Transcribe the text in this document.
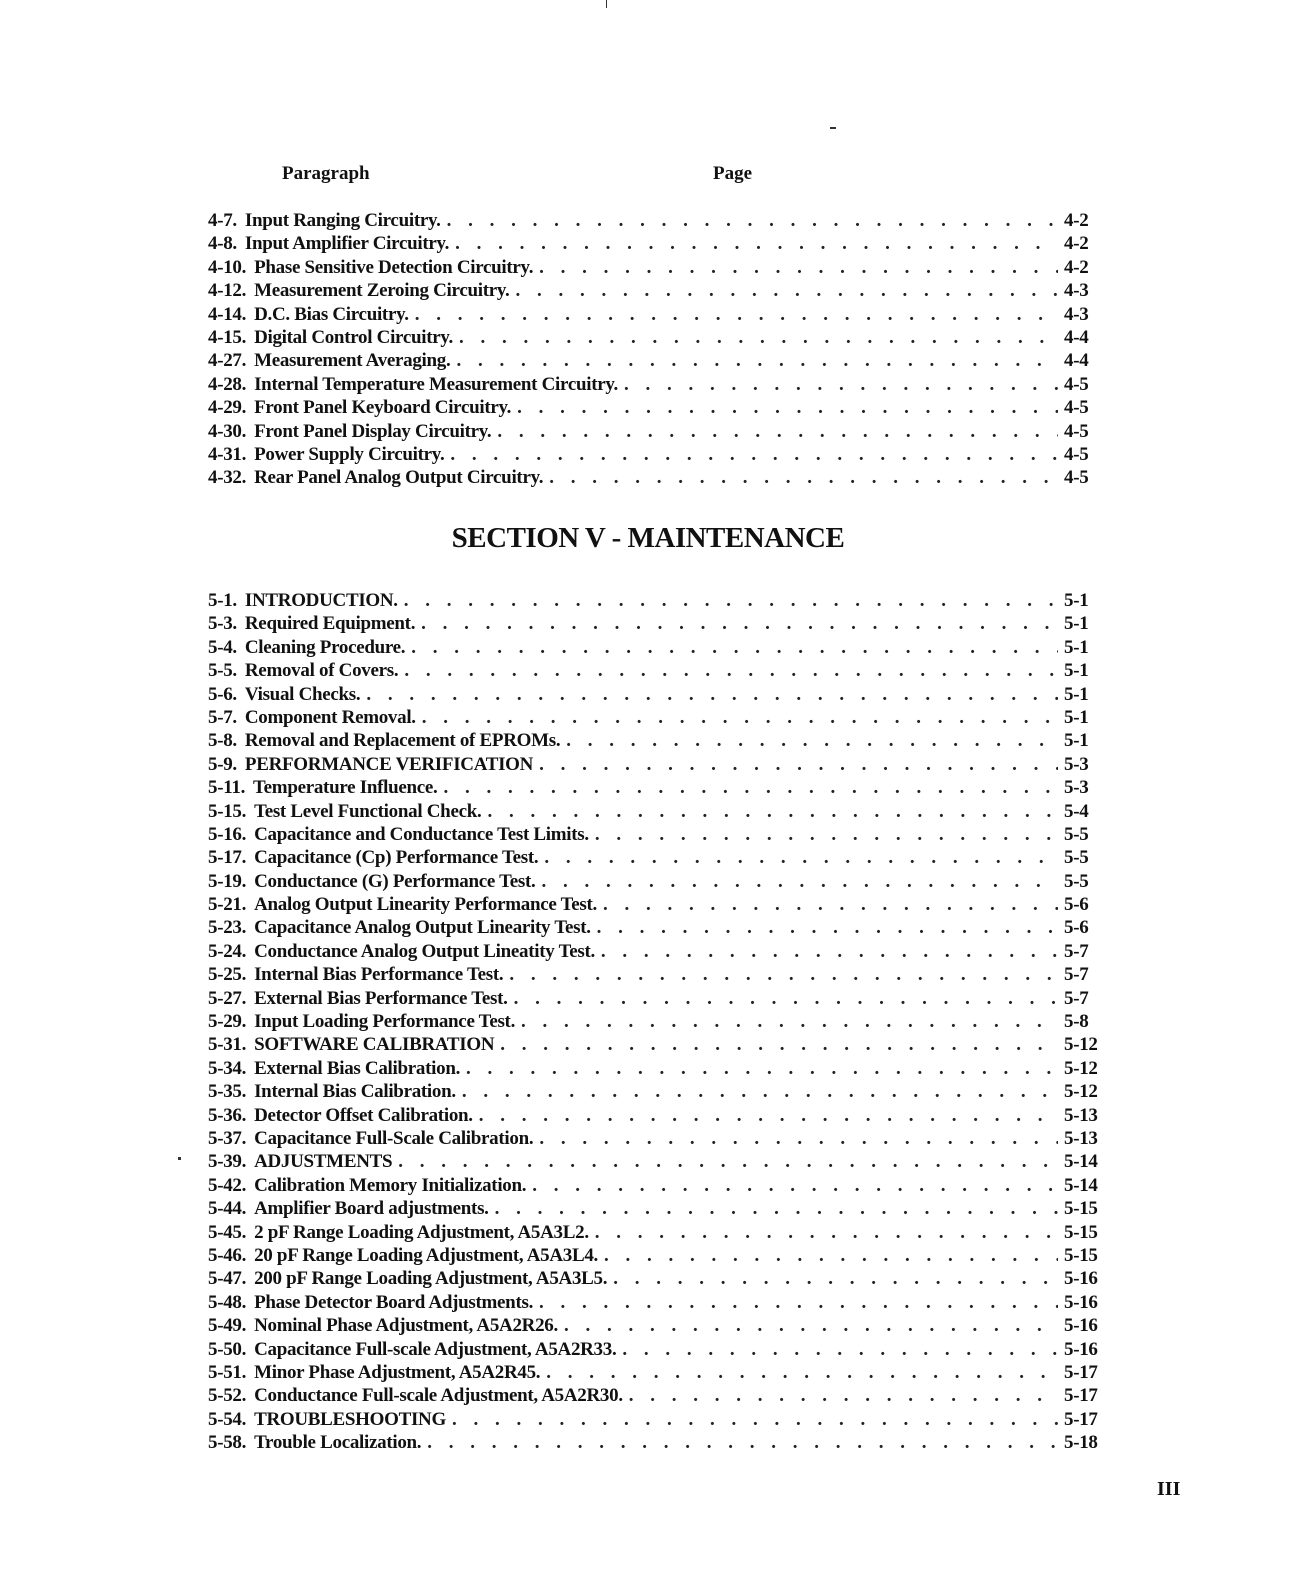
Paragraph	Page
4-7. Input Ranging Circuitry. . . .	4-2
4-8. Input Amplifier Circuitry. . . .	4-2
4-10. Phase Sensitive Detection Circuitry. . . .	4-2
4-12. Measurement Zeroing Circuitry. . . .	4-3
4-14. D.C. Bias Circuitry. . . .	4-3
4-15. Digital Control Circuitry. . . .	4-4
4-27. Measurement Averaging. . . .	4-4
4-28. Internal Temperature Measurement Circuitry. . . .	4-5
4-29. Front Panel Keyboard Circuitry. . . .	4-5
4-30. Front Panel Display Circuitry. . . .	4-5
4-31. Power Supply Circuitry. . . .	4-5
4-32. Rear Panel Analog Output Circuitry. . . .	4-5
SECTION V - MAINTENANCE
5-1. INTRODUCTION. . . .	5-1
5-3. Required Equipment. . . .	5-1
5-4. Cleaning Procedure. . . .	5-1
5-5. Removal of Covers. . . .	5-1
5-6. Visual Checks. . . .	5-1
5-7. Component Removal. . . .	5-1
5-8. Removal and Replacement of EPROMs. . . .	5-1
5-9. PERFORMANCE VERIFICATION . . .	5-3
5-11. Temperature Influence. . . .	5-3
5-15. Test Level Functional Check. . . .	5-4
5-16. Capacitance and Conductance Test Limits. . . .	5-5
5-17. Capacitance (Cp) Performance Test. . . .	5-5
5-19. Conductance (G) Performance Test. . . .	5-5
5-21. Analog Output Linearity Performance Test. . . .	5-6
5-23. Capacitance Analog Output Linearity Test. . . .	5-6
5-24. Conductance Analog Output Lineatity Test. . . .	5-7
5-25. Internal Bias Performance Test. . . .	5-7
5-27. External Bias Performance Test. . . .	5-7
5-29. Input Loading Performance Test. . . .	5-8
5-31. SOFTWARE CALIBRATION . . .	5-12
5-34. External Bias Calibration. . . .	5-12
5-35. Internal Bias Calibration. . . .	5-12
5-36. Detector Offset Calibration. . . .	5-13
5-37. Capacitance Full-Scale Calibration. . . .	5-13
5-39. ADJUSTMENTS . . .	5-14
5-42. Calibration Memory Initialization. . . .	5-14
5-44. Amplifier Board adjustments. . . .	5-15
5-45. 2 pF Range Loading Adjustment, A5A3L2. . . .	5-15
5-46. 20 pF Range Loading Adjustment, A5A3L4. . . .	5-15
5-47. 200 pF Range Loading Adjustment, A5A3L5. . . .	5-16
5-48. Phase Detector Board Adjustments. . . .	5-16
5-49. Nominal Phase Adjustment, A5A2R26. . . .	5-16
5-50. Capacitance Full-scale Adjustment, A5A2R33. . . .	5-16
5-51. Minor Phase Adjustment, A5A2R45. . . .	5-17
5-52. Conductance Full-scale Adjustment, A5A2R30. . . .	5-17
5-54. TROUBLESHOOTING . . .	5-17
5-58. Trouble Localization. . . .	5-18
III
